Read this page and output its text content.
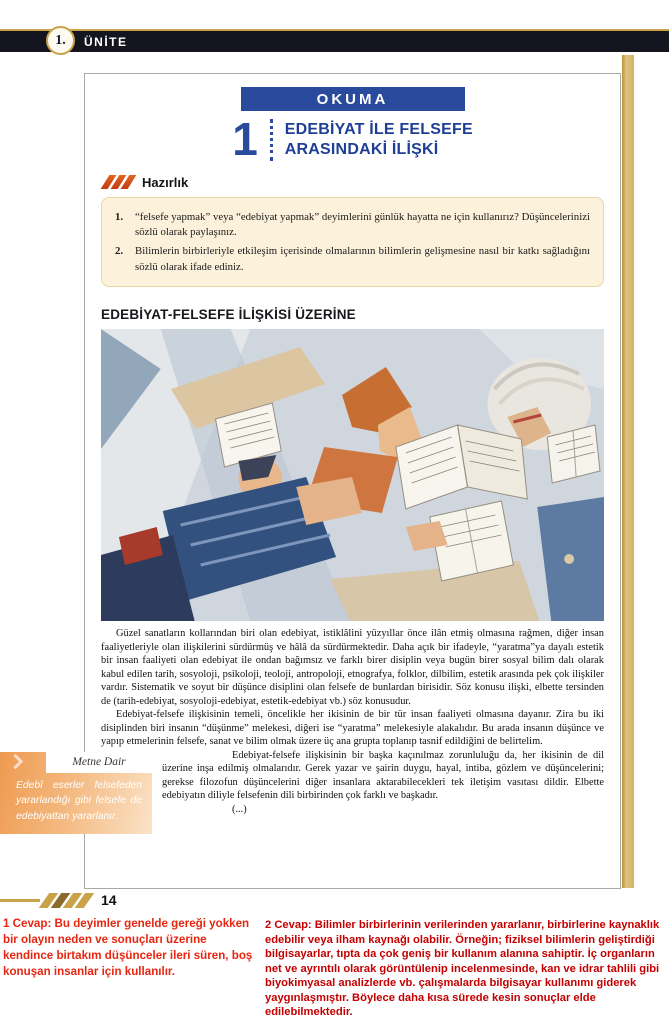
1. ÜNİTE
OKUMA
1 EDEBİYAT İLE FELSEFE
ARASINDAKİ İLİŞKİ
Hazırlık
1.	“felsefe yapmak” veya “edebiyat yapmak” deyimlerini günlük hayatta ne için kullanırız? Düşüncelerinizi sözlü olarak paylaşınız.
2.	Bilimlerin birbirleriyle etkileşim içerisinde olmalarının bilimlerin gelişmesine nasıl bir katkı sağladığını sözlü olarak ifade ediniz.
EDEBİYAT-FELSEFE İLİŞKİSİ ÜZERİNE

Güzel sanatların kollarından biri olan edebiyat, istiklâlini yüzyıllar önce ilân etmiş olmasına rağmen, diğer insan faaliyetleriyle olan ilişkilerini sürdürmüş ve hâlâ da sürdürmektedir. Daha açık bir ifadeyle, “yaratma”ya dayalı estetik bir insan faaliyeti olan edebiyat ile ondan bağımsız ve farklı birer disiplin veya bugün birer sosyal bilim dalı olarak kabul edilen tarih, sosyoloji, psikoloji, teoloji, antropoloji, etnografya, folklor, dilbilim, estetik arasında pek çok ilişkiler vardır. Sistematik ve soyut bir düşünce disiplini olan felsefe de bunlardan birisidir. Söz konusu ilişki, elbette tersinden de (tarih-edebiyat, sosyoloji-edebiyat, estetik-edebiyat vb.) söz konusudur.

Edebiyat-felsefe ilişkisinin temeli, öncelikle her ikisinin de bir tür insan faaliyeti olmasına dayanır. Zira bu iki disiplinden biri insanın “düşünme” melekesi, diğeri ise “yaratma” melekesiyle alakalıdır. Bu arada insanın düşünce ve yapıp etmelerinin felsefe, sanat ve bilim olmak üzere üç ana grupta toplanıp tasnif edildiğini de belirtelim.

Metne Dair
Edebî eserler felsefeden yararlandığı gibi felsefe de edebiyattan yararlanır.

Edebiyat-felsefe ilişkisinin bir başka kaçınılmaz zorunluluğu da, her ikisinin de dil üzerine inşa edilmiş olmalarıdır. Gerek yazar ve şairin duygu, hayal, intiba, gözlem ve düşüncelerini; gerekse filozofun düşüncelerini diğer insanlara aktarabilecekleri tek iletişim vasıtası dildir. Elbette edebiyatın diliyle felsefenin dili birbirinden çok farklı ve başkadır.

(...)
14
1 Cevap: Bu deyimler genelde gereği yokken bir olayın neden ve sonuçları üzerine kendince birtakım düşünceler ileri süren, boş konuşan insanlar için kullanılır.
2 Cevap: Bilimler birbirlerinin verilerinden yararlanır, birbirlerine kaynaklık edebilir veya ilham kaynağı olabilir. Örneğin; fiziksel bilimlerin geliştirdiği bilgisayarlar, tıpta da çok geniş bir kullanım alanına sahiptir. İç organların net ve ayrıntılı olarak görüntülenip incelenmesinde, kan ve idrar tahlili gibi biyokimyasal analizlerde vb. çalışmalarda bilgisayar kullanımı giderek yaygınlaşmıştır. Böylece daha kısa sürede kesin sonuçlar elde edilebilmektedir.
